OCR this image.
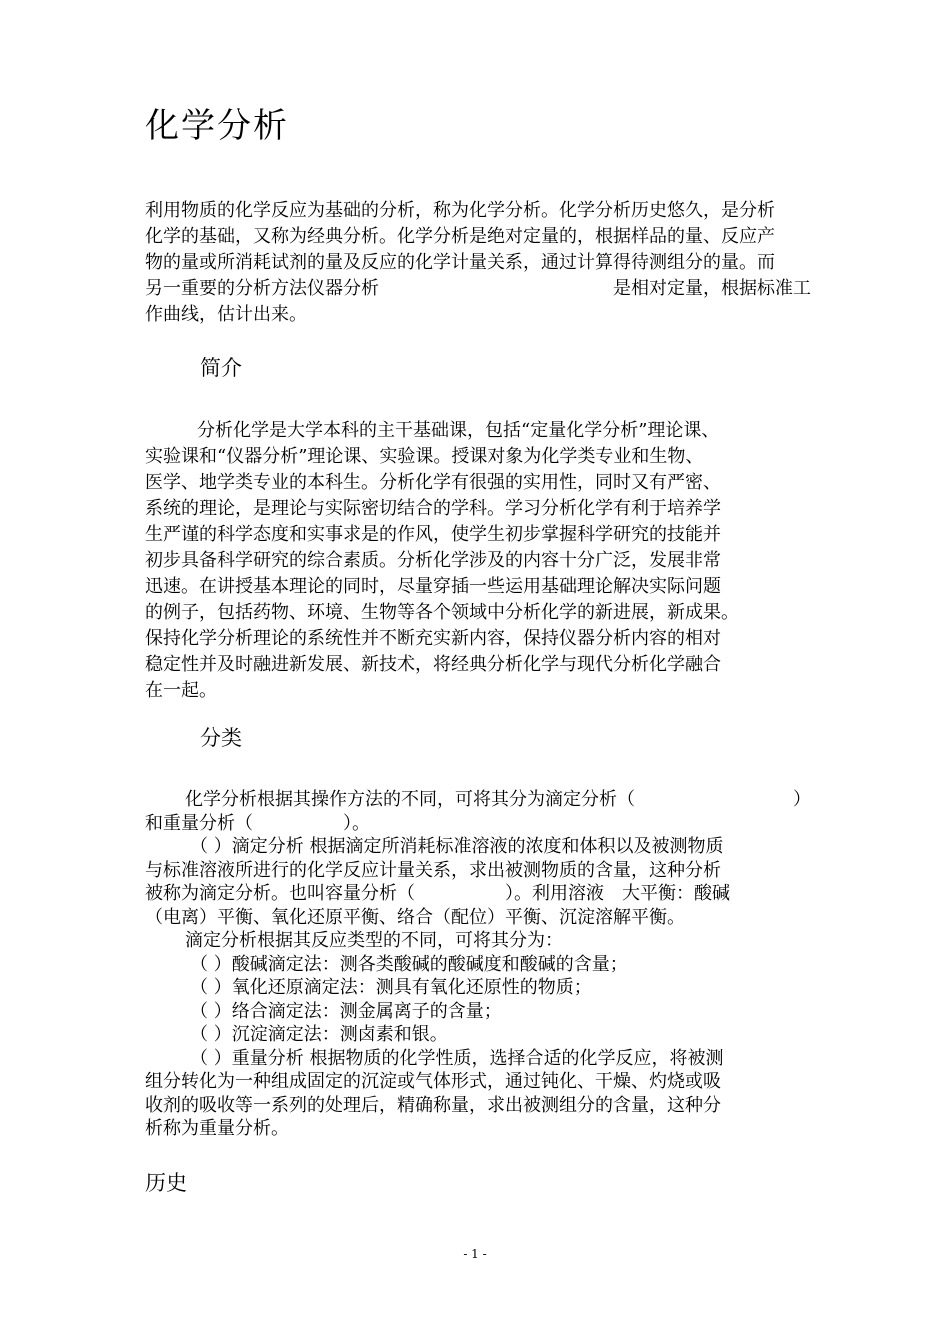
化学分析
利用物质的化学反应为基础的分析，称为化学分析。化学分析历史悠久，是分析
化学的基础，又称为经典分析。化学分析是绝对定量的，根据样品的量、反应产
物的量或所消耗试剂的量及反应的化学计量关系，通过计算得待测组分的量。而
另一重要的分析方法仪器分析	是相对定量，根据标准工
作曲线，估计出来。
简介
分析化学是大学本科的主干基础课，包括“定量化学分析”理论课、
实验课和“仪器分析”理论课、实验课。授课对象为化学类专业和生物、
医学、地学类专业的本科生。分析化学有很强的实用性，同时又有严密、
系统的理论，是理论与实际密切结合的学科。学习分析化学有利于培养学
生严谨的科学态度和实事求是的作风，使学生初步掌握科学研究的技能并
初步具备科学研究的综合素质。分析化学涉及的内容十分广泛，发展非常
迅速。在讲授基本理论的同时，尽量穿插一些运用基础理论解决实际问题
的例子，包括药物、环境、生物等各个领域中分析化学的新进展，新成果。
保持化学分析理论的系统性并不断充实新内容，保持仪器分析内容的相对
稳定性并及时融进新发展、新技术，将经典分析化学与现代分析化学融合
在一起。
分类
化学分析根据其操作方法的不同，可将其分为滴定分析（	）
和重量分析（　　　　　）。
（ ）滴定分析 根据滴定所消耗标准溶液的浓度和体积以及被测物质
与标准溶液所进行的化学反应计量关系，求出被测物质的含量，这种分析
被称为滴定分析。也叫容量分析（　　　　　）。利用溶液　大平衡：酸碱
（电离）平衡、氧化还原平衡、络合（配位）平衡、沉淀溶解平衡。
滴定分析根据其反应类型的不同，可将其分为：
（ ）酸碱滴定法：测各类酸碱的酸碱度和酸碱的含量；
（ ）氧化还原滴定法：测具有氧化还原性的物质；
（ ）络合滴定法：测金属离子的含量；
（ ）沉淀滴定法：测卤素和银。
（ ）重量分析 根据物质的化学性质，选择合适的化学反应，将被测
组分转化为一种组成固定的沉淀或气体形式，通过钝化、干燥、灼烧或吸
收剂的吸收等一系列的处理后，精确称量，求出被测组分的含量，这种分
析称为重量分析。
历史
- 1 -
